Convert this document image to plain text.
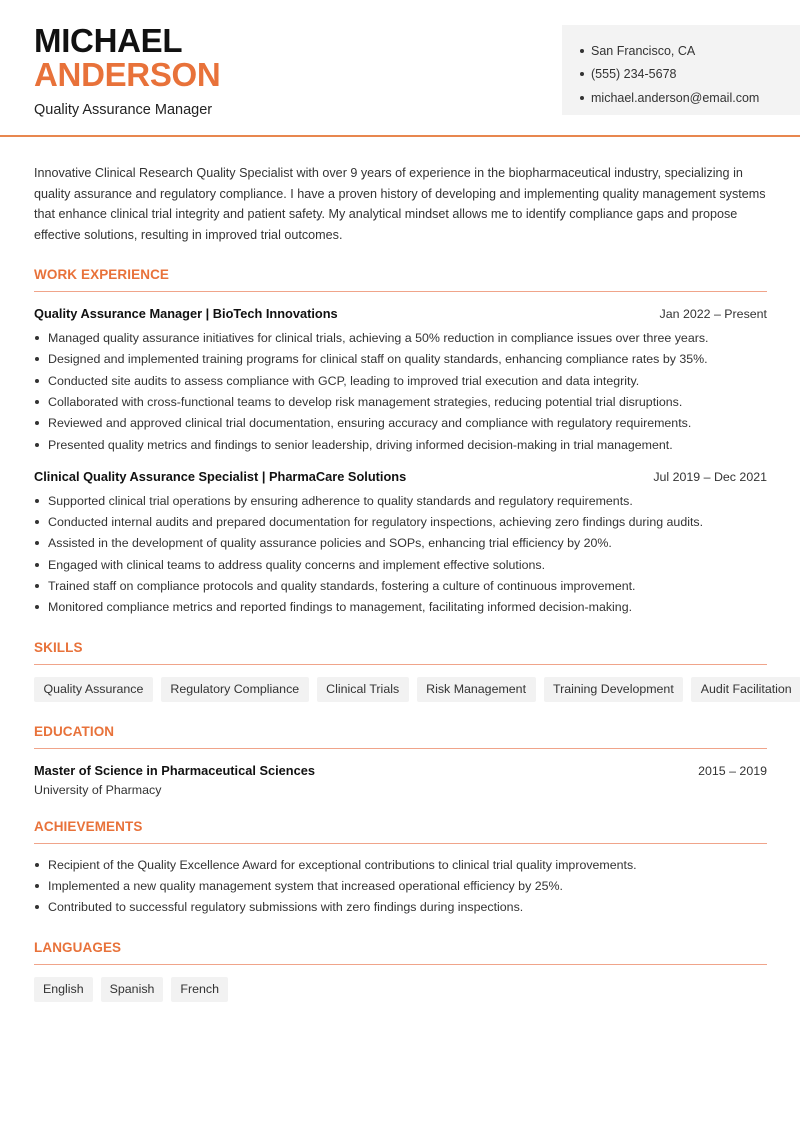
MICHAEL
ANDERSON
Quality Assurance Manager
San Francisco, CA
(555) 234-5678
michael.anderson@email.com

Innovative Clinical Research Quality Specialist with over 9 years of experience in the biopharmaceutical industry, specializing in quality assurance and regulatory compliance. I have a proven history of developing and implementing quality management systems that enhance clinical trial integrity and patient safety. My analytical mindset allows me to identify compliance gaps and propose effective solutions, resulting in improved trial outcomes.

WORK EXPERIENCE
Quality Assurance Manager | BioTech Innovations	Jan 2022 – Present
Managed quality assurance initiatives for clinical trials, achieving a 50% reduction in compliance issues over three years.
Designed and implemented training programs for clinical staff on quality standards, enhancing compliance rates by 35%.
Conducted site audits to assess compliance with GCP, leading to improved trial execution and data integrity.
Collaborated with cross-functional teams to develop risk management strategies, reducing potential trial disruptions.
Reviewed and approved clinical trial documentation, ensuring accuracy and compliance with regulatory requirements.
Presented quality metrics and findings to senior leadership, driving informed decision-making in trial management.
Clinical Quality Assurance Specialist | PharmaCare Solutions	Jul 2019 – Dec 2021
Supported clinical trial operations by ensuring adherence to quality standards and regulatory requirements.
Conducted internal audits and prepared documentation for regulatory inspections, achieving zero findings during audits.
Assisted in the development of quality assurance policies and SOPs, enhancing trial efficiency by 20%.
Engaged with clinical teams to address quality concerns and implement effective solutions.
Trained staff on compliance protocols and quality standards, fostering a culture of continuous improvement.
Monitored compliance metrics and reported findings to management, facilitating informed decision-making.
SKILLS
Quality Assurance	Regulatory Compliance	Clinical Trials	Risk Management	Training Development	Audit Facilitation
EDUCATION
Master of Science in Pharmaceutical Sciences	2015 – 2019
University of Pharmacy
ACHIEVEMENTS
Recipient of the Quality Excellence Award for exceptional contributions to clinical trial quality improvements.
Implemented a new quality management system that increased operational efficiency by 25%.
Contributed to successful regulatory submissions with zero findings during inspections.
LANGUAGES
English	Spanish	French
